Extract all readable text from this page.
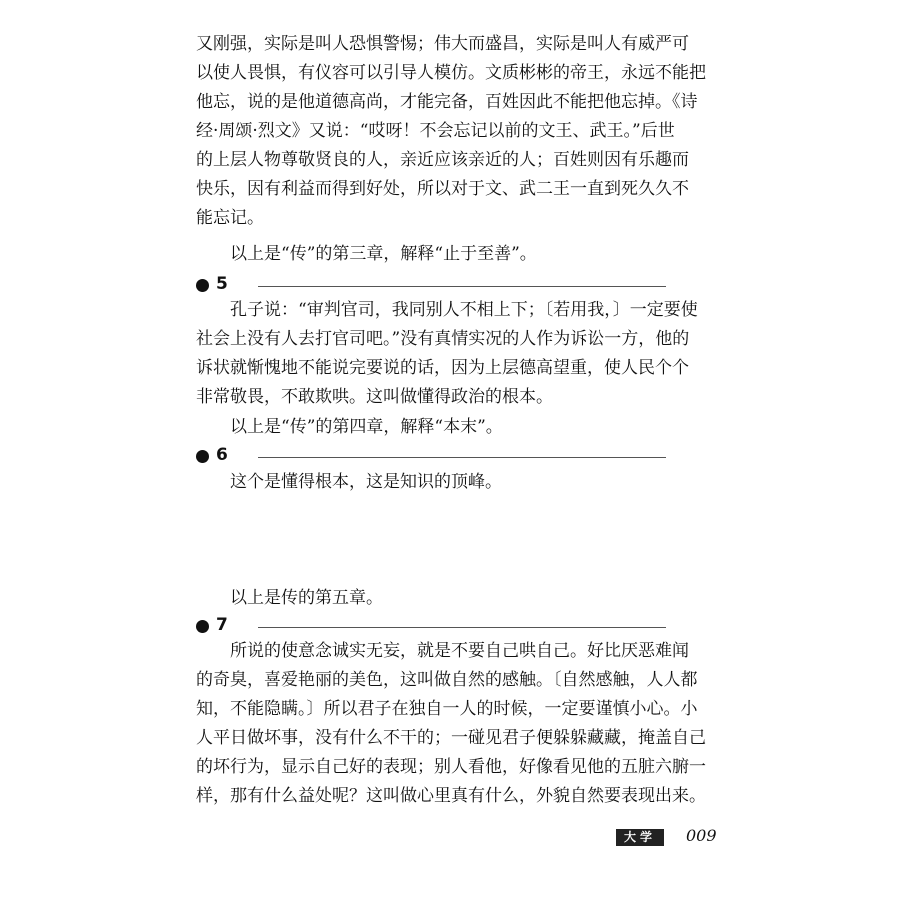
又刚强，实际是叫人恐惧警惕；伟大而盛昌，实际是叫人有威严可
以使人畏惧，有仪容可以引导人模仿。文质彬彬的帝王，永远不能把
他忘，说的是他道德高尚，才能完备，百姓因此不能把他忘掉。《诗
经·周颂·烈文》又说：“哎呀！不会忘记以前的文王、武王。”后世
的上层人物尊敬贤良的人，亲近应该亲近的人；百姓则因有乐趣而
快乐，因有利益而得到好处，所以对于文、武二王一直到死久久不
能忘记。
以上是“传”的第三章，解释“止于至善”。
5
孔子说：“审判官司，我同别人不相上下；〔若用我，〕一定要使
社会上没有人去打官司吧。”没有真情实况的人作为诉讼一方，他的
诉状就惭愧地不能说完要说的话，因为上层德高望重，使人民个个
非常敬畏，不敢欺哄。这叫做懂得政治的根本。
以上是“传”的第四章，解释“本末”。
6
这个是懂得根本，这是知识的顶峰。
以上是传的第五章。
7
所说的使意念诚实无妄，就是不要自己哄自己。好比厌恶难闻
的奇臭，喜爱艳丽的美色，这叫做自然的感触。〔自然感触，人人都
知，不能隐瞒。〕所以君子在独自一人的时候，一定要谨慎小心。小
人平日做坏事，没有什么不干的；一碰见君子便躲躲藏藏，掩盖自己
的坏行为，显示自己好的表现；别人看他，好像看见他的五脏六腑一
样，那有什么益处呢？这叫做心里真有什么，外貌自然要表现出来。
大学	009
